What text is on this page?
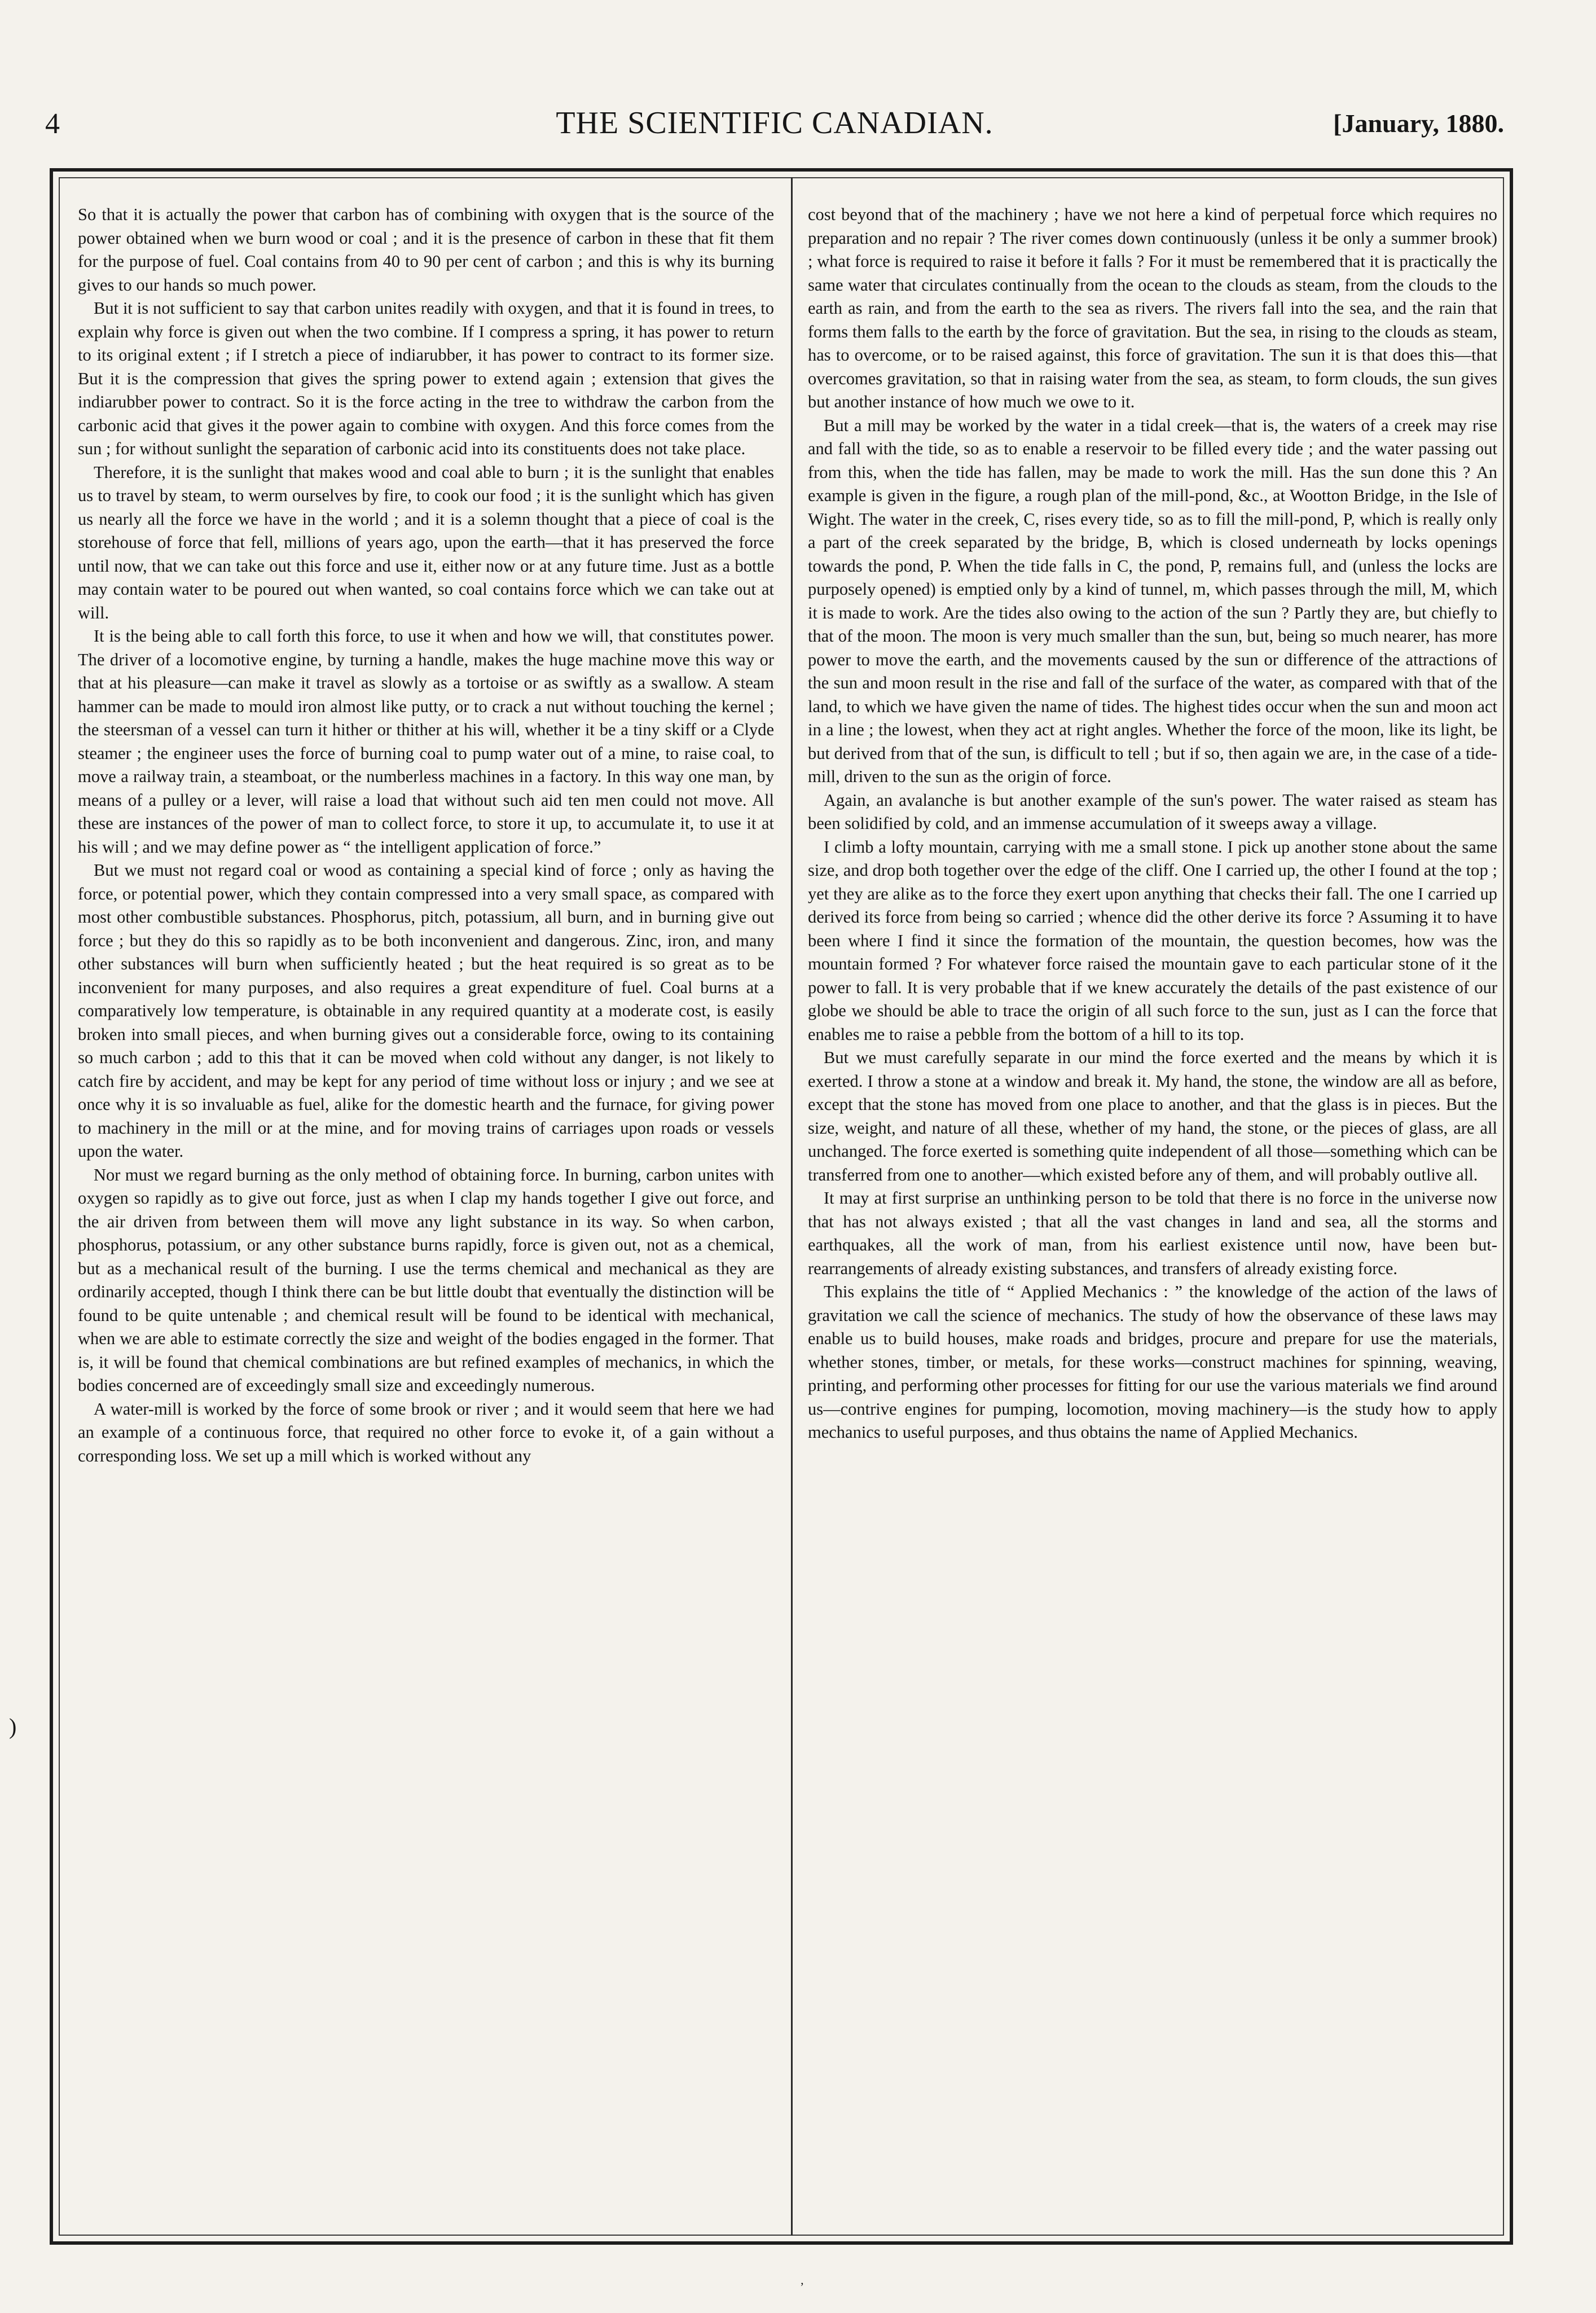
4	THE SCIENTIFIC CANADIAN.	[January, 1880.

So that it is actually the power that carbon has of combining with oxygen that is the source of the power obtained when we burn wood or coal ; and it is the presence of carbon in these that fit them for the purpose of fuel. Coal contains from 40 to 90 per cent of carbon ; and this is why its burning gives to our hands so much power.

But it is not sufficient to say that carbon unites readily with oxygen, and that it is found in trees, to explain why force is given out when the two combine. If I compress a spring, it has power to return to its original extent ; if I stretch a piece of indiarubber, it has power to contract to its former size. But it is the compression that gives the spring power to extend again ; extension that gives the indiarubber power to contract. So it is the force acting in the tree to withdraw the carbon from the carbonic acid that gives it the power again to combine with oxygen. And this force comes from the sun ; for without sunlight the separation of carbonic acid into its constituents does not take place.

Therefore, it is the sunlight that makes wood and coal able to burn ; it is the sunlight that enables us to travel by steam, to werm ourselves by fire, to cook our food ; it is the sunlight which has given us nearly all the force we have in the world ; and it is a solemn thought that a piece of coal is the storehouse of force that fell, millions of years ago, upon the earth—that it has preserved the force until now, that we can take out this force and use it, either now or at any future time. Just as a bottle may contain water to be poured out when wanted, so coal contains force which we can take out at will.

It is the being able to call forth this force, to use it when and how we will, that constitutes power. The driver of a locomotive engine, by turning a handle, makes the huge machine move this way or that at his pleasure—can make it travel as slowly as a tortoise or as swiftly as a swallow. A steam hammer can be made to mould iron almost like putty, or to crack a nut without touching the kernel ; the steersman of a vessel can turn it hither or thither at his will, whether it be a tiny skiff or a Clyde steamer ; the engineer uses the force of burning coal to pump water out of a mine, to raise coal, to move a railway train, a steamboat, or the numberless machines in a factory. In this way one man, by means of a pulley or a lever, will raise a load that without such aid ten men could not move. All these are instances of the power of man to collect force, to store it up, to accumulate it, to use it at his will ; and we may define power as “ the intelligent application of force.”

But we must not regard coal or wood as containing a special kind of force ; only as having the force, or potential power, which they contain compressed into a very small space, as compared with most other combustible substances. Phosphorus, pitch, potassium, all burn, and in burning give out force ; but they do this so rapidly as to be both inconvenient and dangerous. Zinc, iron, and many other substances will burn when sufficiently heated ; but the heat required is so great as to be inconvenient for many purposes, and also requires a great expenditure of fuel. Coal burns at a comparatively low temperature, is obtainable in any required quantity at a moderate cost, is easily broken into small pieces, and when burning gives out a considerable force, owing to its containing so much carbon ; add to this that it can be moved when cold without any danger, is not likely to catch fire by accident, and may be kept for any period of time without loss or injury ; and we see at once why it is so invaluable as fuel, alike for the domestic hearth and the furnace, for giving power to machinery in the mill or at the mine, and for moving trains of carriages upon roads or vessels upon the water.

Nor must we regard burning as the only method of obtaining force. In burning, carbon unites with oxygen so rapidly as to give out force, just as when I clap my hands together I give out force, and the air driven from between them will move any light substance in its way. So when carbon, phosphorus, potassium, or any other substance burns rapidly, force is given out, not as a chemical, but as a mechanical result of the burning. I use the terms chemical and mechanical as they are ordinarily accepted, though I think there can be but little doubt that eventually the distinction will be found to be quite untenable ; and chemical result will be found to be identical with mechanical, when we are able to estimate correctly the size and weight of the bodies engaged in the former. That is, it will be found that chemical combinations are but refined examples of mechanics, in which the bodies concerned are of exceedingly small size and exceedingly numerous.

A water-mill is worked by the force of some brook or river ; and it would seem that here we had an example of a continuous force, that required no other force to evoke it, of a gain without a corresponding loss. We set up a mill which is worked without any

cost beyond that of the machinery ; have we not here a kind of perpetual force which requires no preparation and no repair ? The river comes down continuously (unless it be only a summer brook) ; what force is required to raise it before it falls ? For it must be remembered that it is practically the same water that circulates continually from the ocean to the clouds as steam, from the clouds to the earth as rain, and from the earth to the sea as rivers. The rivers fall into the sea, and the rain that forms them falls to the earth by the force of gravitation. But the sea, in rising to the clouds as steam, has to overcome, or to be raised against, this force of gravitation. The sun it is that does this—that overcomes gravitation, so that in raising water from the sea, as steam, to form clouds, the sun gives but another instance of how much we owe to it.

But a mill may be worked by the water in a tidal creek—that is, the waters of a creek may rise and fall with the tide, so as to enable a reservoir to be filled every tide ; and the water passing out from this, when the tide has fallen, may be made to work the mill. Has the sun done this ? An example is given in the figure, a rough plan of the mill-pond, &c., at Wootton Bridge, in the Isle of Wight. The water in the creek, C, rises every tide, so as to fill the mill-pond, P, which is really only a part of the creek separated by the bridge, B, which is closed underneath by locks openings towards the pond, P. When the tide falls in C, the pond, P, remains full, and (unless the locks are purposely opened) is emptied only by a kind of tunnel, m, which passes through the mill, M, which it is made to work. Are the tides also owing to the action of the sun ? Partly they are, but chiefly to that of the moon. The moon is very much smaller than the sun, but, being so much nearer, has more power to move the earth, and the movements caused by the sun or difference of the attractions of the sun and moon result in the rise and fall of the surface of the water, as compared with that of the land, to which we have given the name of tides. The highest tides occur when the sun and moon act in a line ; the lowest, when they act at right angles. Whether the force of the moon, like its light, be but derived from that of the sun, is difficult to tell ; but if so, then again we are, in the case of a tide-mill, driven to the sun as the origin of force.

Again, an avalanche is but another example of the sun's power. The water raised as steam has been solidified by cold, and an immense accumulation of it sweeps away a village.

I climb a lofty mountain, carrying with me a small stone. I pick up another stone about the same size, and drop both together over the edge of the cliff. One I carried up, the other I found at the top ; yet they are alike as to the force they exert upon anything that checks their fall. The one I carried up derived its force from being so carried ; whence did the other derive its force ? Assuming it to have been where I find it since the formation of the mountain, the question becomes, how was the mountain formed ? For whatever force raised the mountain gave to each particular stone of it the power to fall. It is very probable that if we knew accurately the details of the past existence of our globe we should be able to trace the origin of all such force to the sun, just as I can the force that enables me to raise a pebble from the bottom of a hill to its top.

But we must carefully separate in our mind the force exerted and the means by which it is exerted. I throw a stone at a window and break it. My hand, the stone, the window are all as before, except that the stone has moved from one place to another, and that the glass is in pieces. But the size, weight, and nature of all these, whether of my hand, the stone, or the pieces of glass, are all unchanged. The force exerted is something quite independent of all those—something which can be transferred from one to another—which existed before any of them, and will probably outlive all.

It may at first surprise an unthinking person to be told that there is no force in the universe now that has not always existed ; that all the vast changes in land and sea, all the storms and earthquakes, all the work of man, from his earliest existence until now, have been but-rearrangements of already existing substances, and transfers of already existing force.

This explains the title of “ Applied Mechanics : ” the knowledge of the action of the laws of gravitation we call the science of mechanics. The study of how the observance of these laws may enable us to build houses, make roads and bridges, procure and prepare for use the materials, whether stones, timber, or metals, for these works—construct machines for spinning, weaving, printing, and performing other processes for fitting for our use the various materials we find around us—contrive engines for pumping, locomotion, moving machinery—is the study how to apply mechanics to useful purposes, and thus obtains the name of Applied Mechanics.

)
’
